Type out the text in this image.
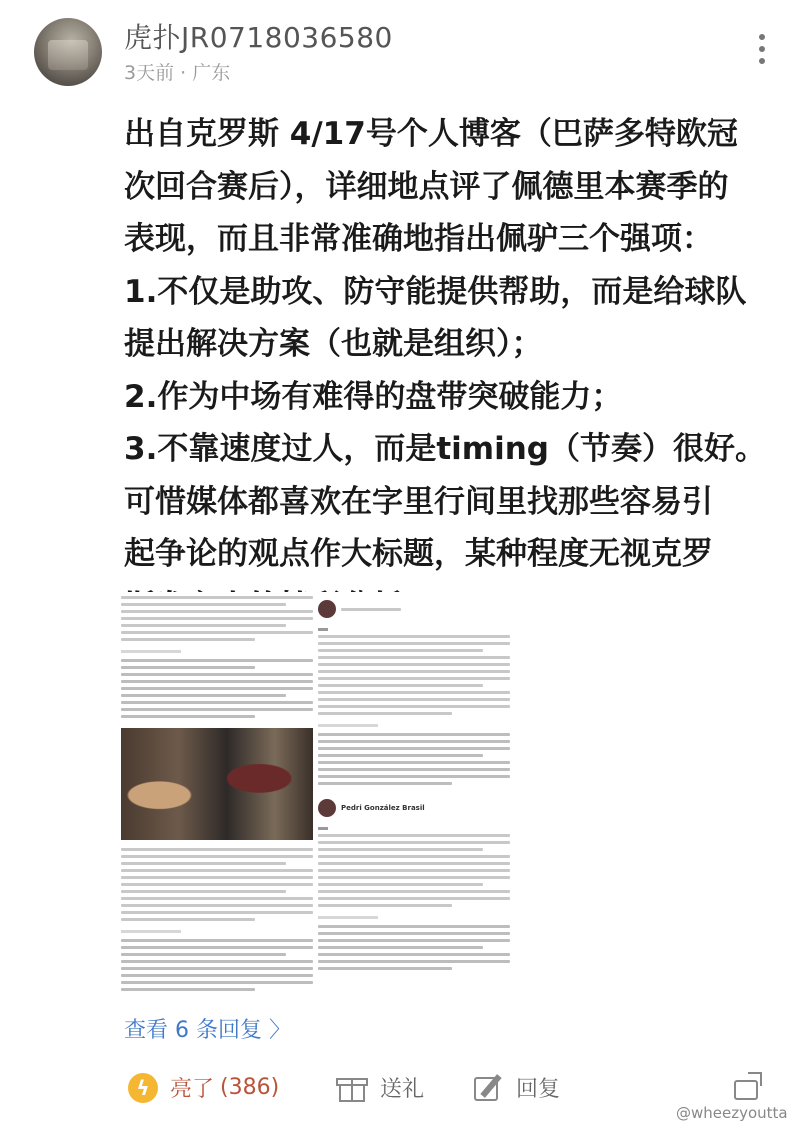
虎扑JR0718036580
3天前 · 广东

出自克罗斯 4/17号个人博客（巴萨多特欧冠

次回合赛后），详细地点评了佩德里本赛季的

表现，而且非常准确地指出佩驴三个强项：

1.不仅是助攻、防守能提供帮助，而是给球队

提出解决方案（也就是组织）；

2.作为中场有难得的盘带突破能力；

3.不靠速度过人，而是timing（节奏）很好。

可惜媒体都喜欢在字里行间里找那些容易引

起争论的观点作大标题，某种程度无视克罗

Pedri González Brasil
查看 6 条回复 〉
ϟ 亮了 (386)	送礼	回复
@wheezyoutta
